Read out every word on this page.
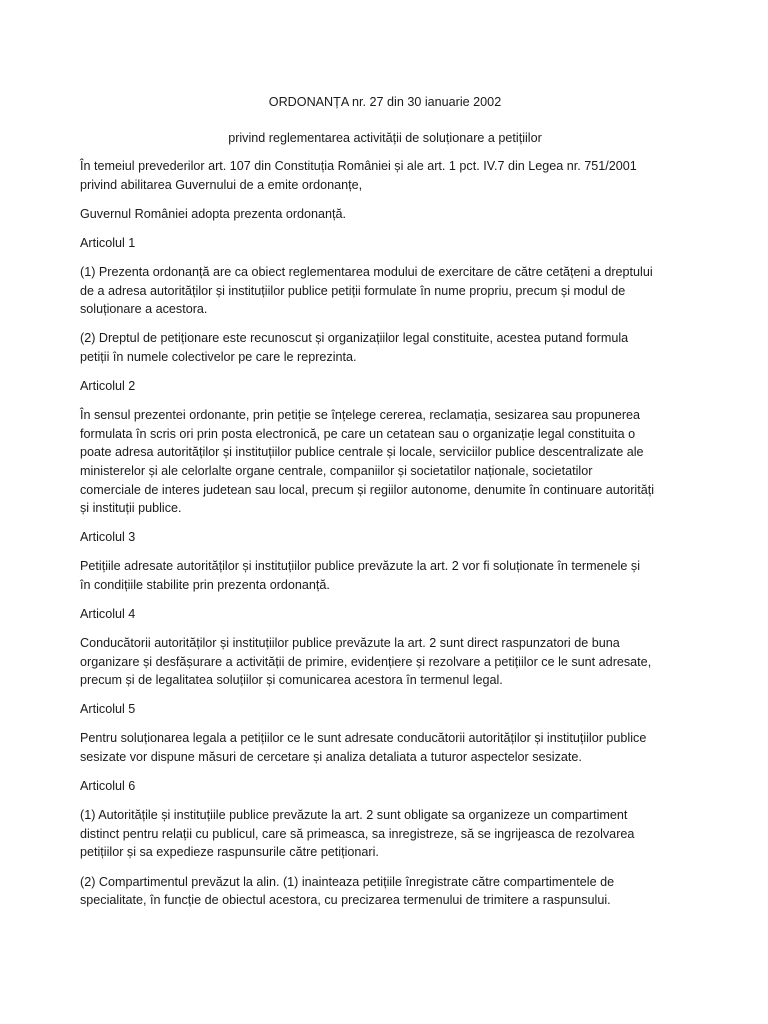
ORDONANȚA nr. 27 din 30 ianuarie 2002
privind reglementarea activității de soluționare a petițiilor

În temeiul prevederilor art. 107 din Constituția României și ale art. 1 pct. IV.7 din Legea nr. 751/2001
privind abilitarea Guvernului de a emite ordonanțe,

Guvernul României adopta prezenta ordonanță.

Articolul 1

(1) Prezenta ordonanță are ca obiect reglementarea modului de exercitare de către cetățeni a dreptului
de a adresa autorităților și instituțiilor publice petiții formulate în nume propriu, precum și modul de
soluționare a acestora.

(2) Dreptul de petiționare este recunoscut și organizațiilor legal constituite, acestea putand formula
petiții în numele colectivelor pe care le reprezinta.

Articolul 2

În sensul prezentei ordonante, prin petiție se înțelege cererea, reclamația, sesizarea sau propunerea
formulata în scris ori prin posta electronică, pe care un cetatean sau o organizație legal constituita o
poate adresa autorităților și instituțiilor publice centrale și locale, serviciilor publice descentralizate ale
ministerelor și ale celorlalte organe centrale, companiilor și societatilor naționale, societatilor
comerciale de interes judetean sau local, precum și regiilor autonome, denumite în continuare autorități
și instituții publice.

Articolul 3

Petițiile adresate autorităților și instituțiilor publice prevăzute la art. 2 vor fi soluționate în termenele și
în condițiile stabilite prin prezenta ordonanță.

Articolul 4

Conducătorii autorităților și instituțiilor publice prevăzute la art. 2 sunt direct raspunzatori de buna
organizare și desfășurare a activității de primire, evidențiere și rezolvare a petițiilor ce le sunt adresate,
precum și de legalitatea soluțiilor și comunicarea acestora în termenul legal.

Articolul 5

Pentru soluționarea legala a petițiilor ce le sunt adresate conducătorii autorităților și instituțiilor publice
sesizate vor dispune măsuri de cercetare și analiza detaliata a tuturor aspectelor sesizate.

Articolul 6

(1) Autoritățile și instituțiile publice prevăzute la art. 2 sunt obligate sa organizeze un compartiment
distinct pentru relații cu publicul, care să primeasca, sa inregistreze, să se ingrijeasca de rezolvarea
petițiilor și sa expedieze raspunsurile către petiționari.

(2) Compartimentul prevăzut la alin. (1) inainteaza petițiile înregistrate către compartimentele de
specialitate, în funcție de obiectul acestora, cu precizarea termenului de trimitere a raspunsului.
